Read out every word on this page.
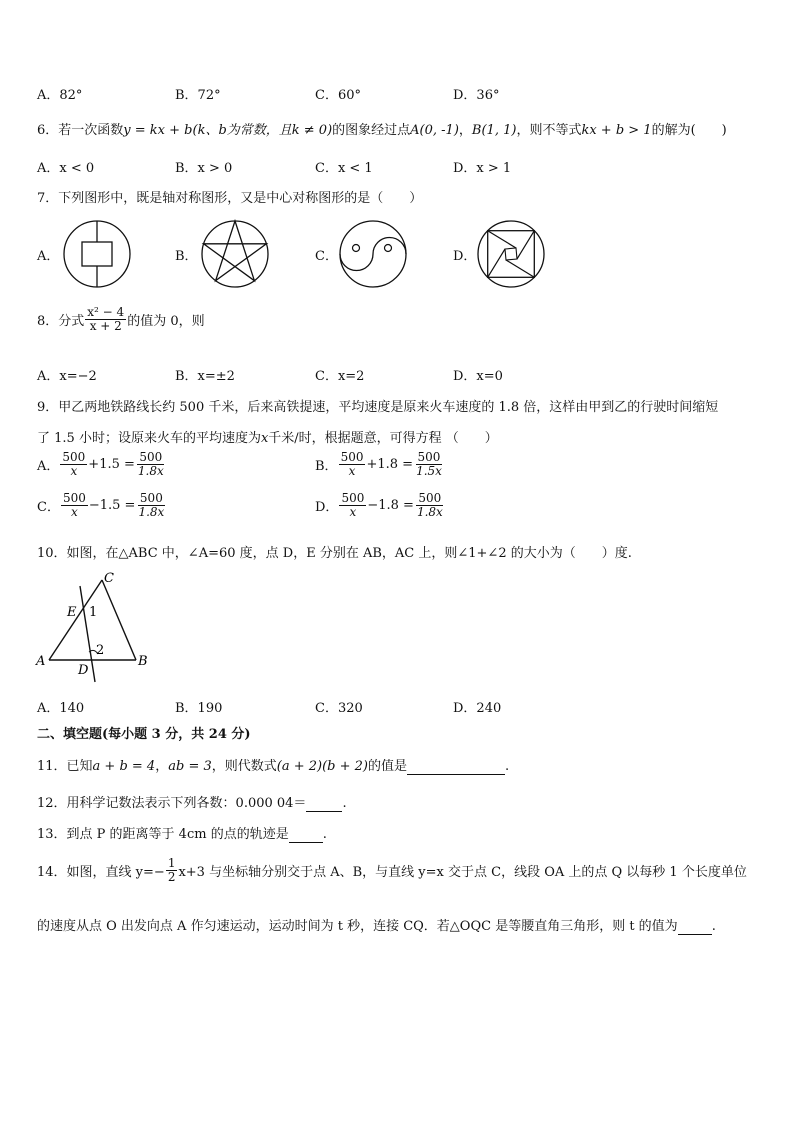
A．82°	B．72°	C．60°	D．36°
6．若一次函数y = kx + b(k、b为常数，且k ≠ 0)的图象经过点A(0, -1)，B(1, 1)，则不等式kx + b > 1的解为(　　)
A．x < 0	B．x > 0	C．x < 1	D．x > 1
7．下列图形中，既是轴对称图形，又是中心对称图形的是（　　）
A．	B．	C．	D．
8．分式 $\frac{\text{x² − 4}}{x + 2}$ 的值为 0，则
A．x=−2	B．x=±2	C．x=2	D．x=0
9．甲乙两地铁路线长约 500 千米，后来高铁提速，平均速度是原来火车速度的 1.8 倍，这样由甲到乙的行驶时间缩短
了 1.5 小时；设原来火车的平均速度为x千米/时，根据题意，可得方程 （　　）
A． $\frac{500}{x} +1.5 = \frac{500}{1.8x}$	B． $\frac{500}{x} +1.8 = \frac{500}{1.5x}$
C． $\frac{500}{x} -1.5 = \frac{500}{1.8x}$	D． $\frac{500}{x} -1.8 = \frac{500}{1.8x}$
10．如图，在△ABC 中，∠A=60 度，点 D，E 分别在 AB，AC 上，则∠1+∠2 的大小为（　　）度.
C
E 1
2
A	B
D
A．140	B．190	C．320	D．240
二、填空题(每小题 3 分，共 24 分)
11．已知a + b = 4，ab = 3，则代数式(a + 2)(b + 2)的值是	.
12．用科学记数法表示下列各数：0.000 04＝	.
13．到点 P 的距离等于 4cm 的点的轨迹是	.
14．如图，直线 $y=- \frac{1}{2} x+3$ 与坐标轴分别交于点 A、B，与直线 y=x 交于点 C，线段 OA 上的点 Q 以每秒 1 个长度单位
的速度从点 O 出发向点 A 作匀速运动，运动时间为 t 秒，连接 CQ．若△OQC 是等腰直角三角形，则 t 的值为	.
